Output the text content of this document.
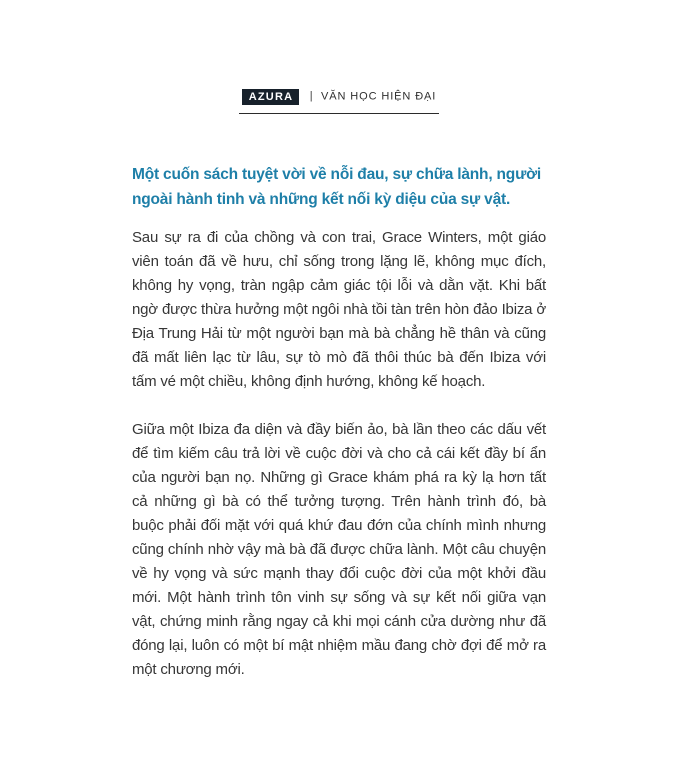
AZURA | VĂN HỌC HIỆN ĐẠI
Một cuốn sách tuyệt vời về nỗi đau, sự chữa lành, người ngoài hành tinh và những kết nối kỳ diệu của sự vật.

Sau sự ra đi của chồng và con trai, Grace Winters, một giáo viên toán đã về hưu, chỉ sống trong lặng lẽ, không mục đích, không hy vọng, tràn ngập cảm giác tội lỗi và dằn vặt. Khi bất ngờ được thừa hưởng một ngôi nhà tồi tàn trên hòn đảo Ibiza ở Địa Trung Hải từ một người bạn mà bà chẳng hề thân và cũng đã mất liên lạc từ lâu, sự tò mò đã thôi thúc bà đến Ibiza với tấm vé một chiều, không định hướng, không kế hoạch.

Giữa một Ibiza đa diện và đầy biến ảo, bà lần theo các dấu vết để tìm kiếm câu trả lời về cuộc đời và cho cả cái kết đầy bí ẩn của người bạn nọ. Những gì Grace khám phá ra kỳ lạ hơn tất cả những gì bà có thể tưởng tượng. Trên hành trình đó, bà buộc phải đối mặt với quá khứ đau đớn của chính mình nhưng cũng chính nhờ vậy mà bà đã được chữa lành. Một câu chuyện về hy vọng và sức mạnh thay đổi cuộc đời của một khởi đầu mới. Một hành trình tôn vinh sự sống và sự kết nối giữa vạn vật, chứng minh rằng ngay cả khi mọi cánh cửa dường như đã đóng lại, luôn có một bí mật nhiệm mầu đang chờ đợi để mở ra một chương mới.
